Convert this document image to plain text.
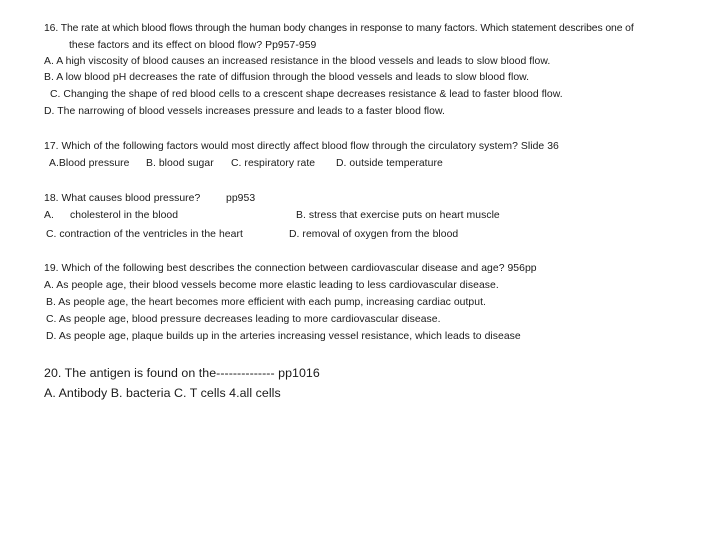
16. The rate at which blood flows through the human body changes in response to many factors. Which statement describes one of
these factors and its effect on blood flow? Pp957-959
A. A high viscosity of blood causes an increased resistance in the blood vessels and leads to slow blood flow.
B. A low blood pH decreases the rate of diffusion through the blood vessels and leads to slow blood flow.
C. Changing the shape of red blood cells to a crescent shape decreases resistance & lead to faster blood flow.
D. The narrowing of blood vessels increases pressure and leads to a faster blood flow.
17. Which of the following factors would most directly affect blood flow through the circulatory system? Slide 36
A.Blood pressure B. blood sugar C. respiratory rate D. outside temperature
18. What causes blood pressure? pp953
A. cholesterol in the blood	B. stress that exercise puts on heart muscle
C. contraction of the ventricles in the heart	D. removal of oxygen from the blood
19. Which of the following best describes the connection between cardiovascular disease and age? 956pp
A. As people age, their blood vessels become more elastic leading to less cardiovascular disease.
B. As people age, the heart becomes more efficient with each pump, increasing cardiac output.
C. As people age, blood pressure decreases leading to more cardiovascular disease.
D. As people age, plaque builds up in the arteries increasing vessel resistance, which leads to disease
20. The antigen is found on the-------------- pp1016
A. Antibody B. bacteria C. T cells 4.all cells
